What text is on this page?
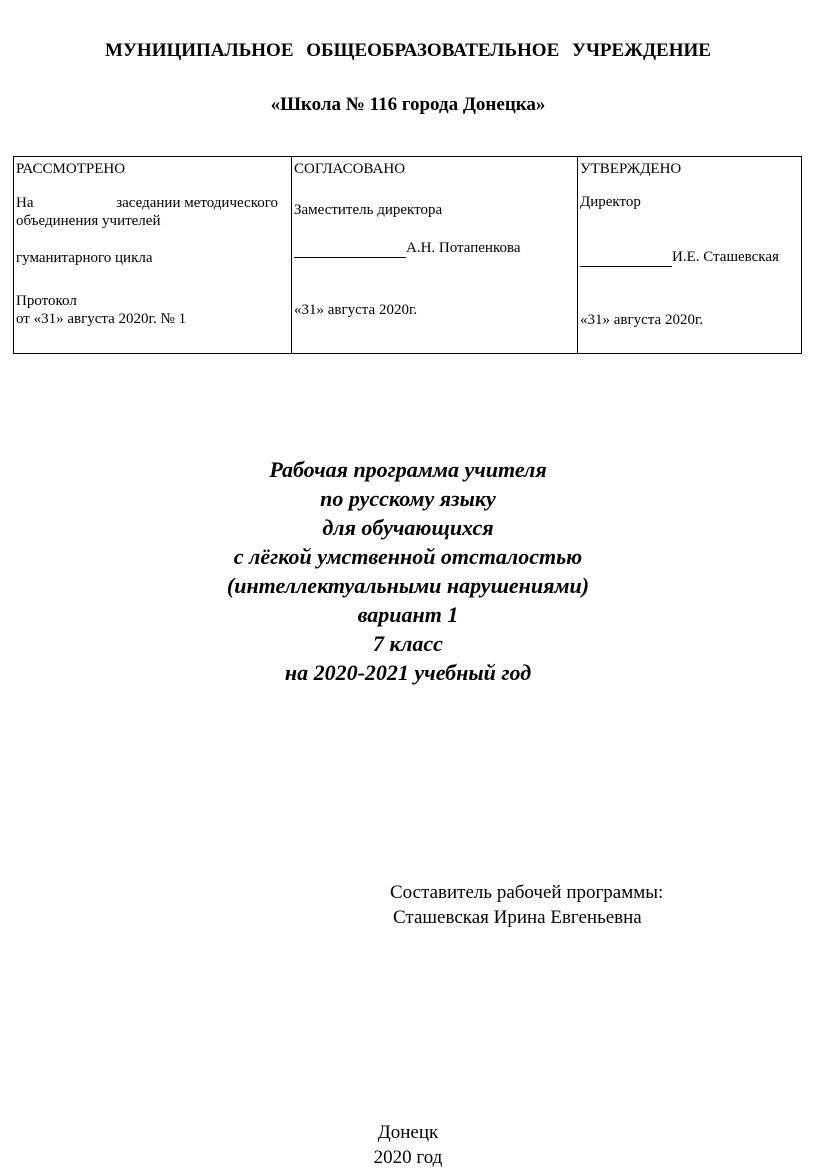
МУНИЦИПАЛЬНОЕ ОБЩЕОБРАЗОВАТЕЛЬНОЕ УЧРЕЖДЕНИЕ
«Школа № 116 города Донецка»
РАССМОТРЕНО
На	заседании методического
объединения учителей
гуманитарного цикла
Протокол
от «31» августа 2020г. № 1
СОГЛАСОВАНО
Заместитель директора
А.Н. Потапенкова
«31» августа 2020г.
УТВЕРЖДЕНО
Директор
И.Е. Сташевская
«31» августа 2020г.
Рабочая программа учителя
по русскому языку
для обучающихся
с лёгкой умственной отсталостью
(интеллектуальными нарушениями)
вариант 1
7 класс
на 2020-2021 учебный год
Составитель рабочей программы:
Сташевская Ирина Евгеньевна
Донецк
2020 год
